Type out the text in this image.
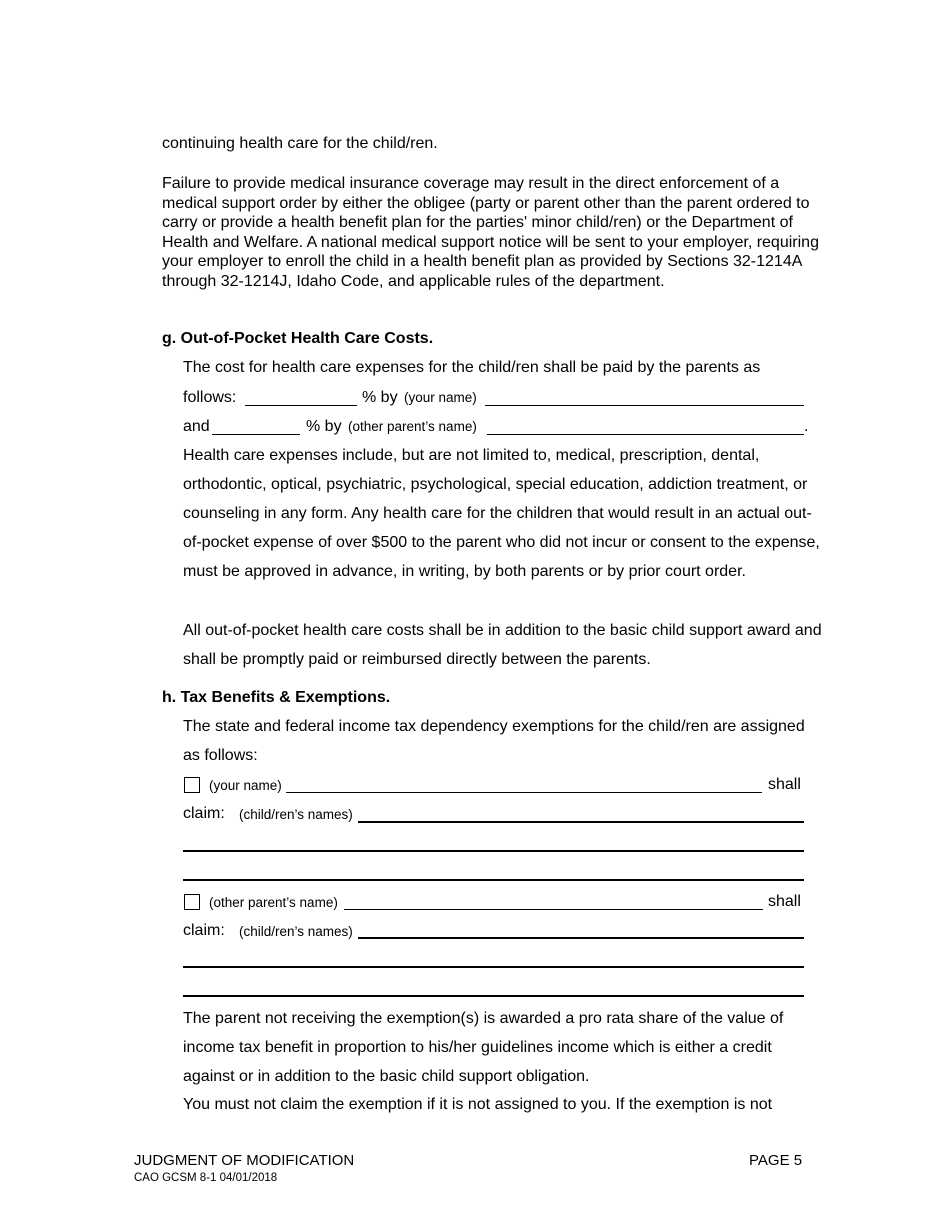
continuing health care for the child/ren.
Failure to provide medical insurance coverage may result in the direct enforcement of a medical support order by either the obligee (party or parent other than the parent ordered to carry or provide a health benefit plan for the parties' minor child/ren) or the Department of Health and Welfare. A national medical support notice will be sent to your employer, requiring your employer to enroll the child in a health benefit plan as provided by Sections 32-1214A through 32-1214J, Idaho Code, and applicable rules of the department.
g. Out-of-Pocket Health Care Costs.
The cost for health care expenses for the child/ren shall be paid by the parents as
follows:	% by (your name)
and	% by (other parent’s name)	.
Health care expenses include, but are not limited to, medical, prescription, dental, orthodontic, optical, psychiatric, psychological, special education, addiction treatment, or counseling in any form. Any health care for the children that would result in an actual out-of-pocket expense of over $500 to the parent who did not incur or consent to the expense, must be approved in advance, in writing, by both parents or by prior court order.
All out-of-pocket health care costs shall be in addition to the basic child support award and shall be promptly paid or reimbursed directly between the parents.
h. Tax Benefits & Exemptions.
The state and federal income tax dependency exemptions for the child/ren are assigned as follows:
(your name)	shall
claim: (child/ren’s names)
(other parent’s name)	shall
claim: (child/ren’s names)
The parent not receiving the exemption(s) is awarded a pro rata share of the value of income tax benefit in proportion to his/her guidelines income which is either a credit against or in addition to the basic child support obligation.
You must not claim the exemption if it is not assigned to you. If the exemption is not
JUDGMENT OF MODIFICATION
CAO GCSM 8-1 04/01/2018
PAGE 5
